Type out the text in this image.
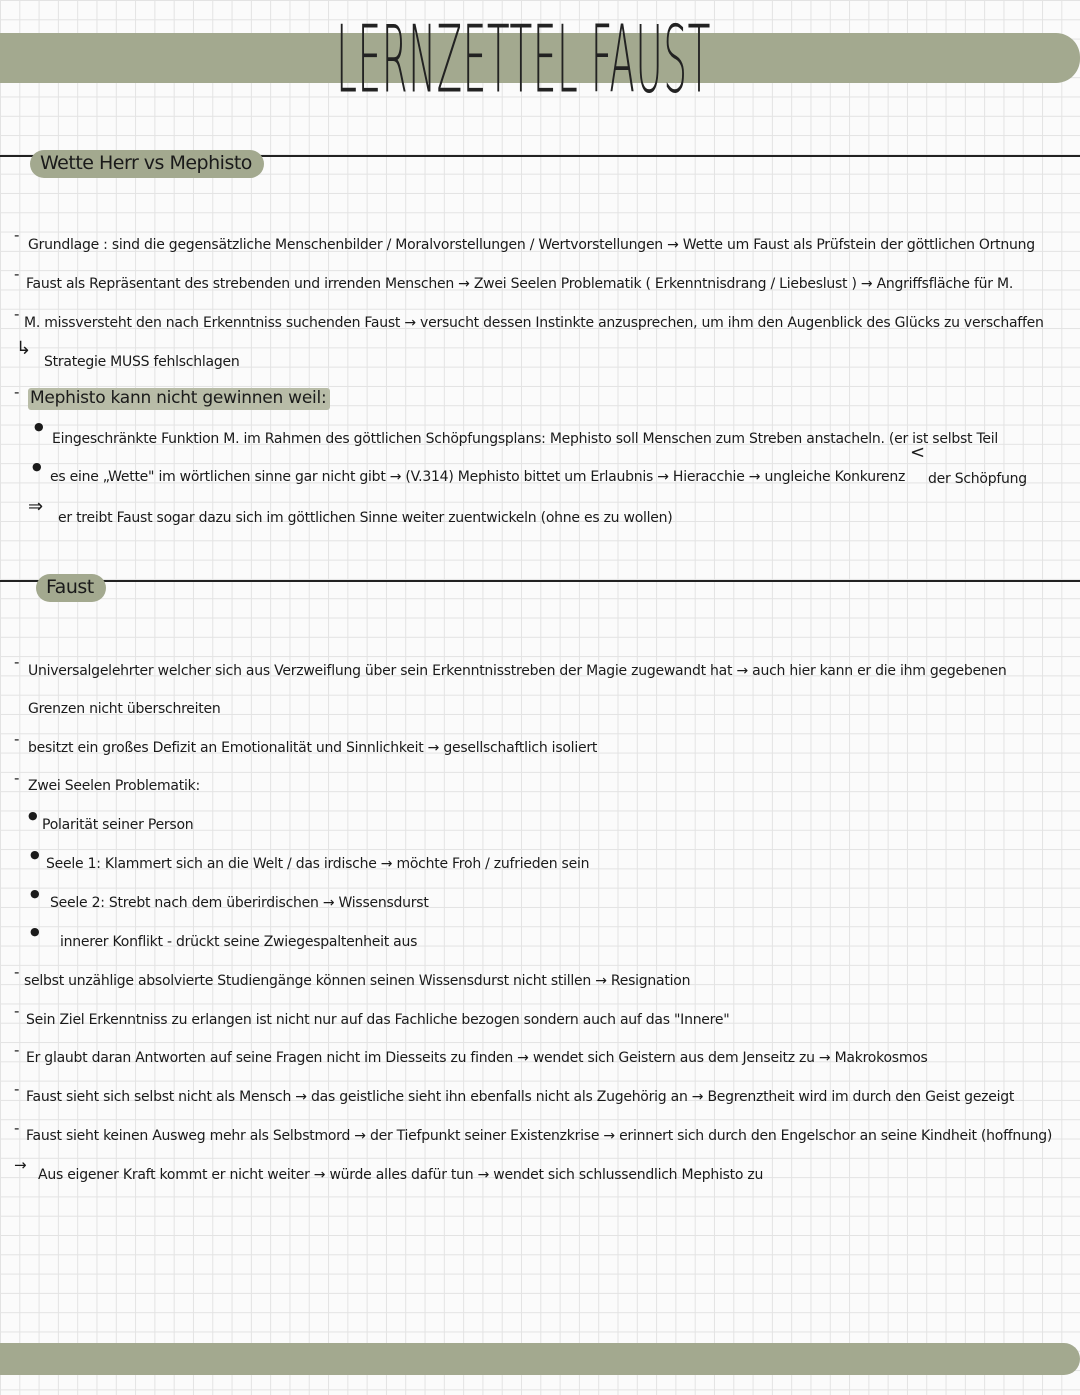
LERNZETTEL FAUST
Wette Herr vs Mephisto
-
Grundlage : sind die gegensätzliche Menschenbilder / Moralvorstellungen / Wertvorstellungen → Wette um Faust als Prüfstein der göttlichen Ortnung
-
Faust als Repräsentant des strebenden und irrenden Menschen → Zwei Seelen Problematik ( Erkenntnisdrang / Liebeslust ) → Angriffsfläche für M.
- M. missversteht den nach Erkenntniss suchenden Faust → versucht dessen Instinkte anzusprechen, um ihm den Augenblick des Glücks zu verschaffen
↳
Strategie MUSS fehlschlagen
- Mephisto kann nicht gewinnen weil:
●
Eingeschränkte Funktion M. im Rahmen des göttlichen Schöpfungsplans: Mephisto soll Menschen zum Streben anstacheln. (er ist selbst Teil
●
es eine „Wette" im wörtlichen sinne gar nicht gibt → (V.314) Mephisto bittet um Erlaubnis → Hieracchie → ungleiche Konkurenz
<
der Schöpfung
⇒
er treibt Faust sogar dazu sich im göttlichen Sinne weiter zuentwickeln (ohne es zu wollen)
Faust
- Universalgelehrter welcher sich aus Verzweiflung über sein Erkenntnisstreben der Magie zugewandt hat → auch hier kann er die ihm gegebenen
Grenzen nicht überschreiten
- besitzt ein großes Defizit an Emotionalität und Sinnlichkeit → gesellschaftlich isoliert
- Zwei Seelen Problematik:
●
Polarität seiner Person
●
Seele 1: Klammert sich an die Welt / das irdische → möchte Froh / zufrieden sein
●
Seele 2: Strebt nach dem überirdischen → Wissensdurst
●
innerer Konflikt - drückt seine Zwiegespaltenheit aus
- selbst unzählige absolvierte Studiengänge können seinen Wissensdurst nicht stillen → Resignation
- Sein Ziel Erkenntniss zu erlangen ist nicht nur auf das Fachliche bezogen sondern auch auf das "Innere"
- Er glaubt daran Antworten auf seine Fragen nicht im Diesseits zu finden → wendet sich Geistern aus dem Jenseitz zu → Makrokosmos
- Faust sieht sich selbst nicht als Mensch → das geistliche sieht ihn ebenfalls nicht als Zugehörig an → Begrenztheit wird im durch den Geist gezeigt
- Faust sieht keinen Ausweg mehr als Selbstmord → der Tiefpunkt seiner Existenzkrise → erinnert sich durch den Engelschor an seine Kindheit (hoffnung)
→
Aus eigener Kraft kommt er nicht weiter → würde alles dafür tun → wendet sich schlussendlich Mephisto zu
